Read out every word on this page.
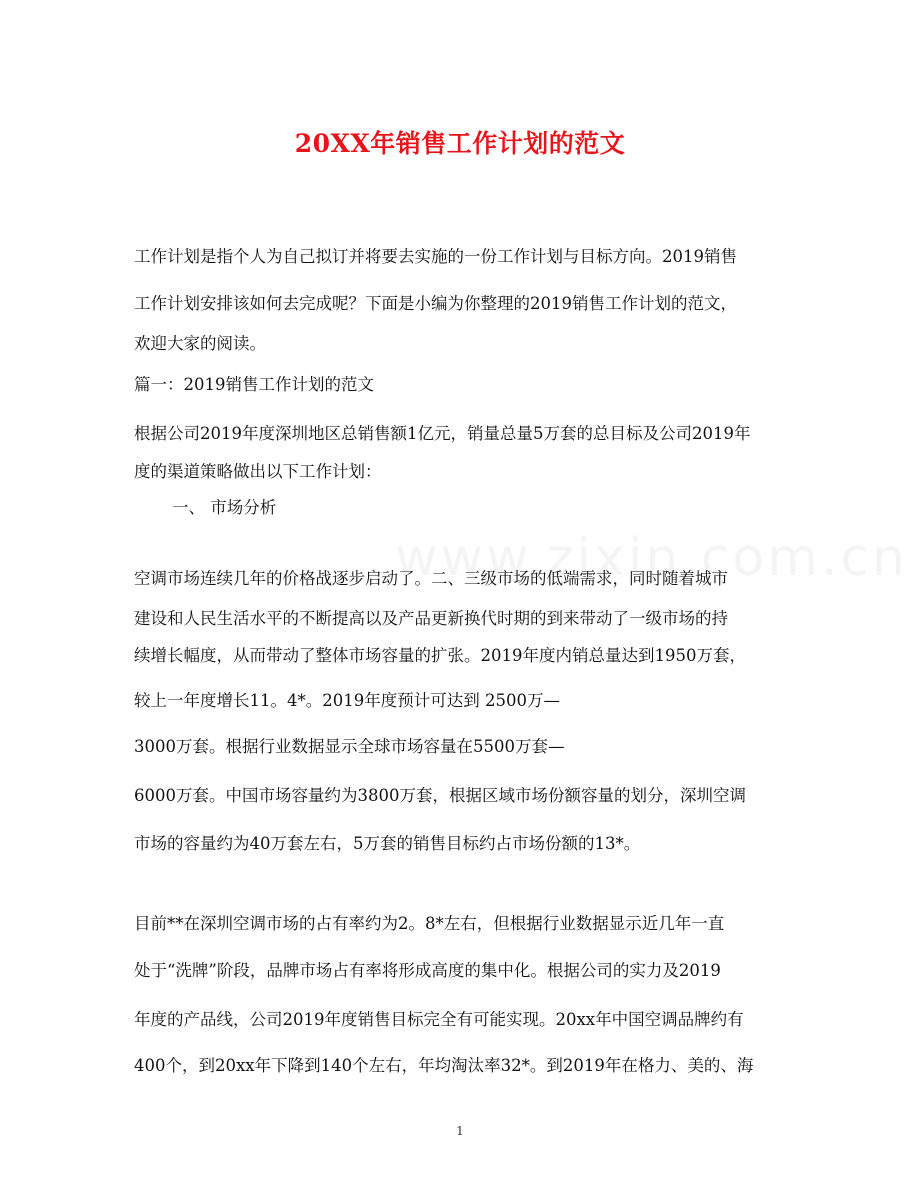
20XX年销售工作计划的范文
工作计划是指个人为自己拟订并将要去实施的一份工作计划与目标方向。2019销售
工作计划安排该如何去完成呢？下面是小编为你整理的2019销售工作计划的范文，
欢迎大家的阅读。
篇一：2019销售工作计划的范文
根据公司2019年度深圳地区总销售额1亿元，销量总量5万套的总目标及公司2019年
度的渠道策略做出以下工作计划：
一、 市场分析
空调市场连续几年的价格战逐步启动了。二、三级市场的低端需求，同时随着城市
建设和人民生活水平的不断提高以及产品更新换代时期的到来带动了一级市场的持
续增长幅度，从而带动了整体市场容量的扩张。2019年度内销总量达到1950万套，
较上一年度增长11。4*。2019年度预计可达到 2500万—
3000万套。根据行业数据显示全球市场容量在5500万套—
6000万套。中国市场容量约为3800万套，根据区域市场份额容量的划分，深圳空调
市场的容量约为40万套左右，5万套的销售目标约占市场份额的13*。
目前**在深圳空调市场的占有率约为2。8*左右，但根据行业数据显示近几年一直
处于“洗牌”阶段，品牌市场占有率将形成高度的集中化。根据公司的实力及2019
年度的产品线，公司2019年度销售目标完全有可能实现。20xx年中国空调品牌约有
400个，到20xx年下降到140个左右，年均淘汰率32*。到2019年在格力、美的、海
1
